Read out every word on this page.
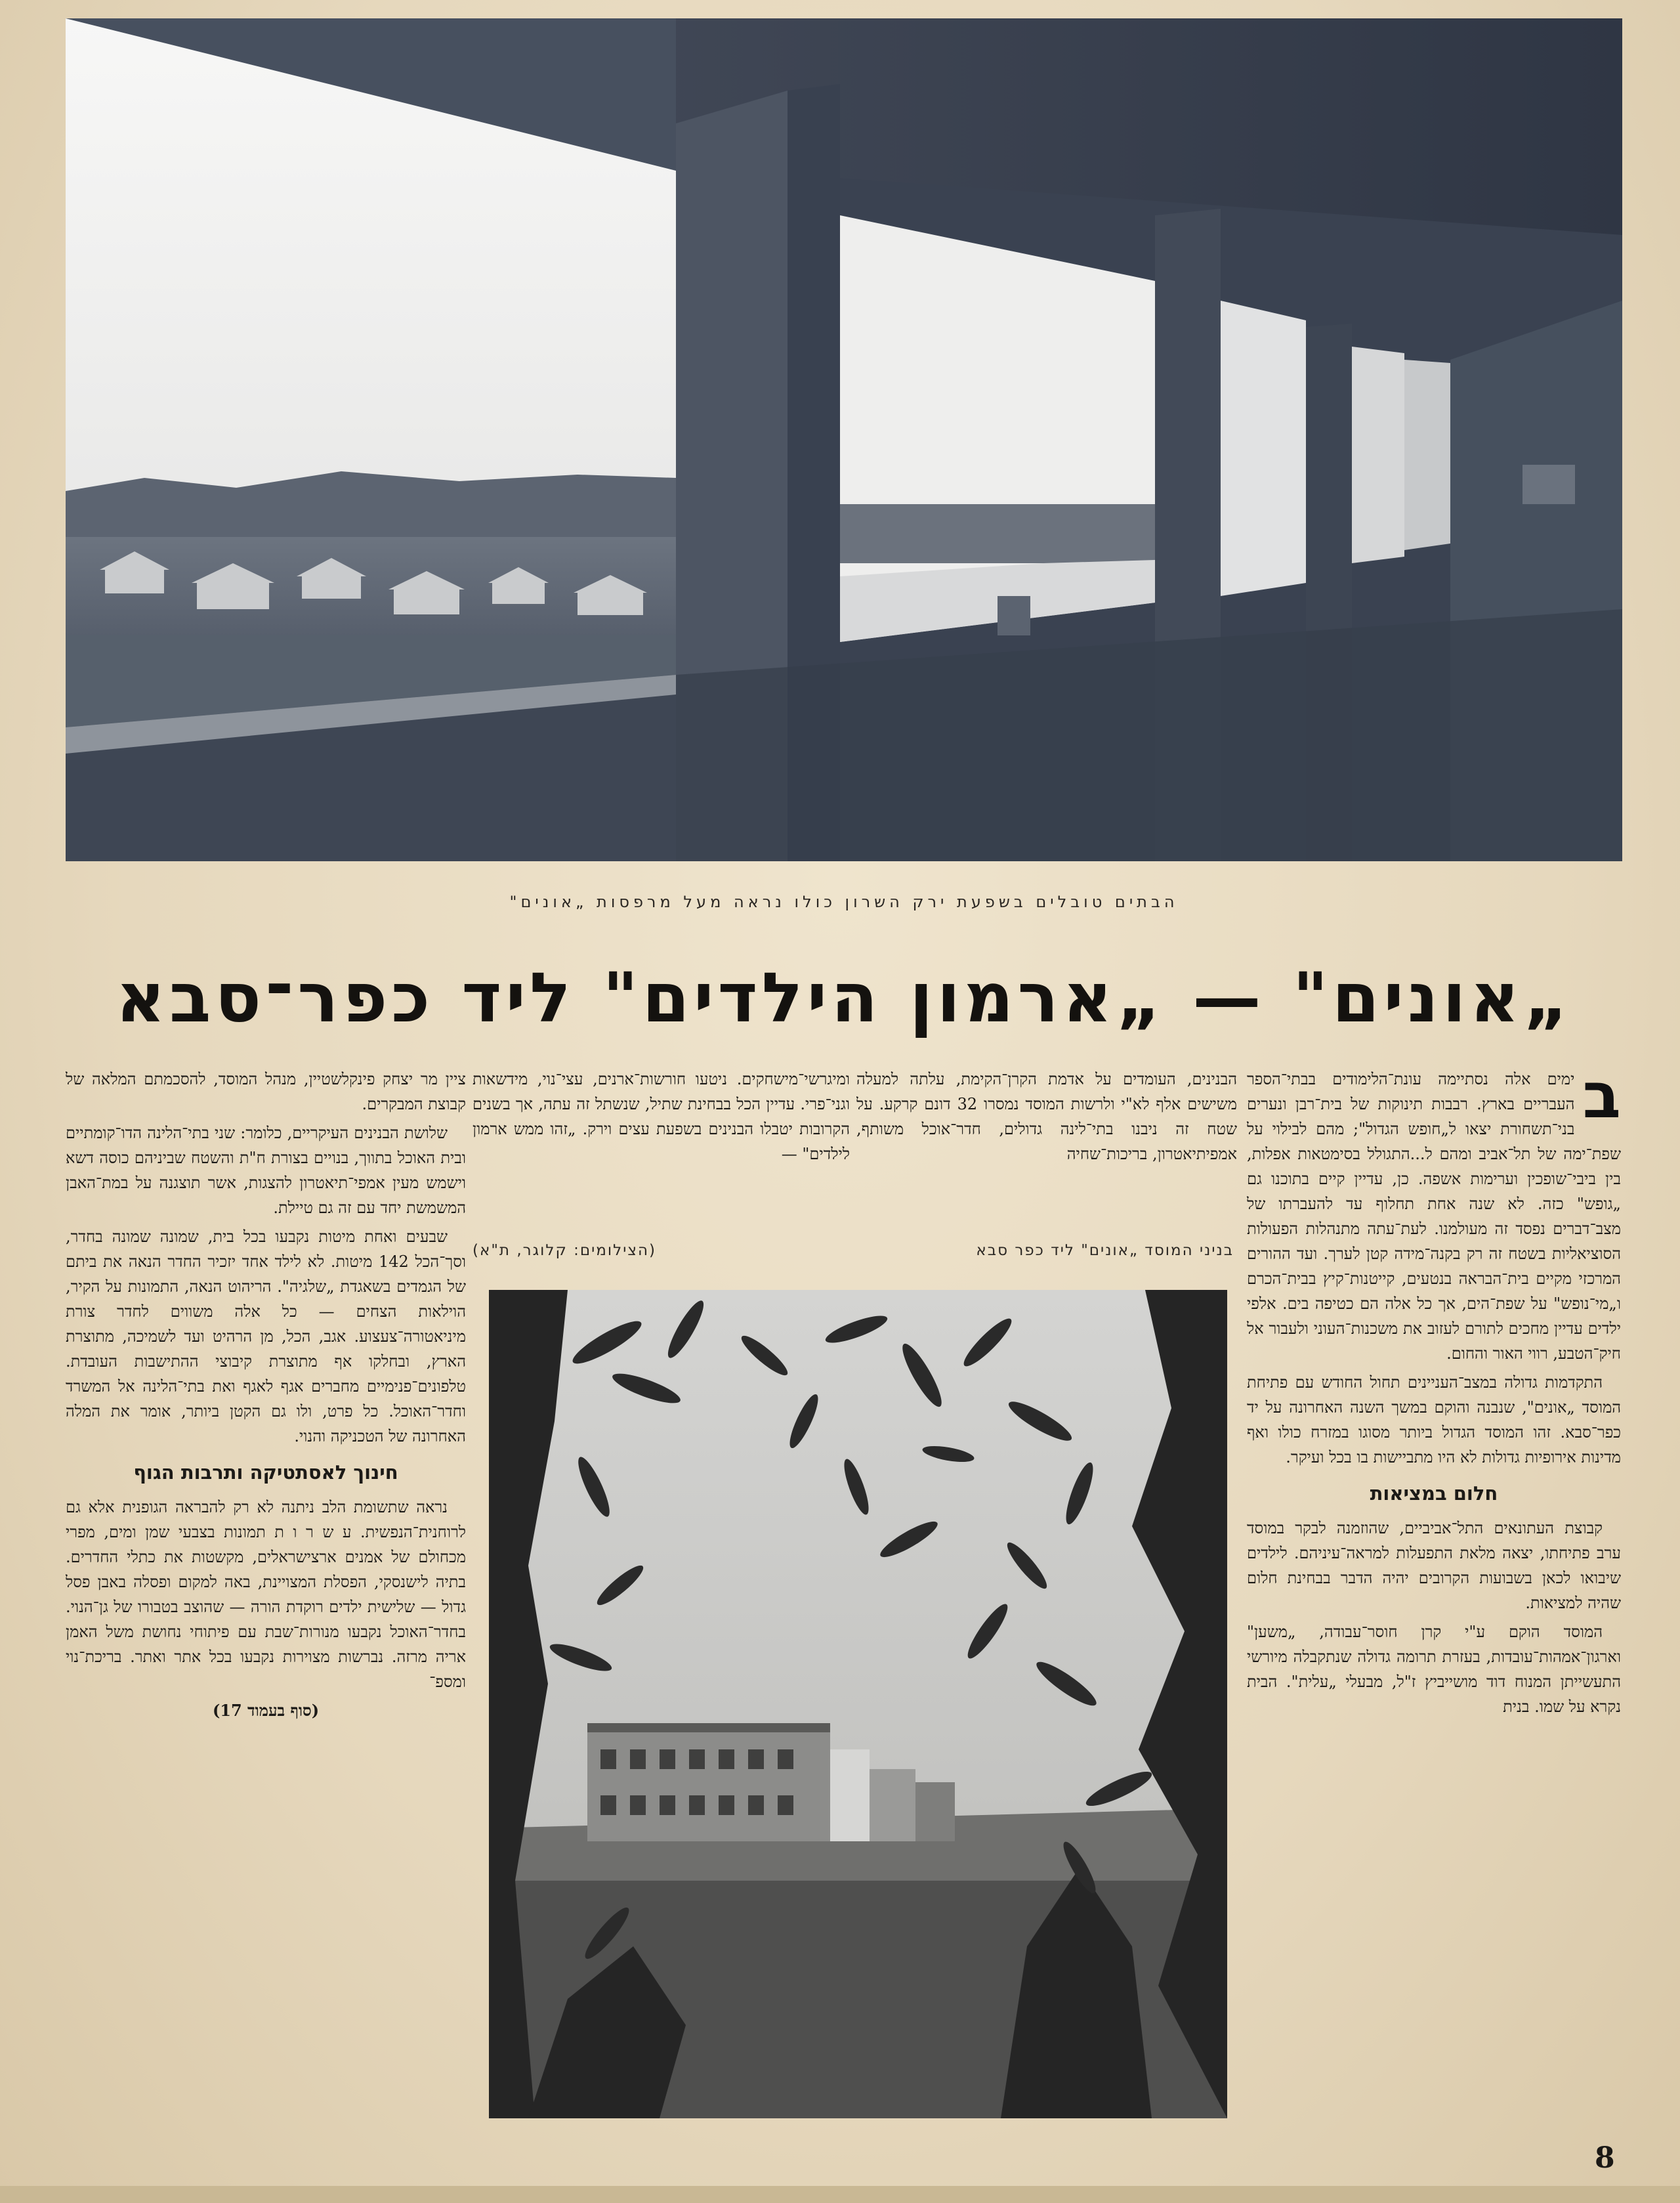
הבתים טובלים בשפעת ירק השרון כולו נראה מעל מרפסות „אונים"
„אונים" — „ארמון הילדים" ליד כפר־סבא
ב

ימים אלה נסתיימה עונת־הלימודים בבתי־הספר העבריים בארץ. רבבות תינוקות של בית־רבן ונערים בני־תשחורת יצאו ל„חופש הגדול"; מהם לבילוי על שפת־ימה של תל־אביב ומהם ל...התגולל בסימטאות אפלות, בין ביבי־שופכין וערימות אשפה. כן, עדיין קיים בתוכנו גם „גופש" כזה. לא שנה אחת תחלוף עד להעברתו של מצב־דברים נפסד זה מעולמנו. לעת־עתה מתנהלות הפעולות הסוציאליות בשטח זה רק בקנה־מידה קטן לערך. ועד ההורים המרכזי מקיים בית־הבראה בנטעים, קייטנות־קיץ בבית־הכרם ו„מי־נופש" על שפת־הים, אך כל אלה הם כטיפה בים. אלפי ילדים עדיין מחכים לתורם לעזוב את משכנות־העוני ולעבור אל חיק־הטבע, רווי האור והחום.

התקדמות גדולה במצב־העניינים תחול החודש עם פתיחת המוסד „אונים", שנבנה והוקם במשך השנה האחרונה על יד כפר־סבא. זהו המוסד הגדול ביותר מסוגו במזרח כולו ואף מדינות אירופיות גדולות לא היו מתביישות בו בכל ועיקר.

חלום במציאות

קבוצת העתונאים התל־אביביים, שהוזמנה לבקר במוסד ערב פתיחתו, יצאה מלאת התפעלות למראה־עיניהם. לילדים שיבואו לכאן בשבועות הקרובים יהיה הדבר בבחינת חלום שהיה למציאות.

המוסד הוקם ע"י קרן חוסר־עבודה, „משען" וארגון־אמהות־עובדות, בעזרת תרומה גדולה שנתקבלה מיורשי התעשייתן המנוח דוד מושייביץ ז"ל, מבעלי „עלית". הבית נקרא על שמו. בנית

הבנינים, העומדים על אדמת הקרן־הקימת, עלתה למעלה משישים אלף לא"י ולרשות המוסד נמסרו 32 דונם קרקע. על שטח זה ניבנו בתי־לינה גדולים, חדר־אוכל משותף, אמפיתיאטרון, בריכות־שחיה

ומיגרשי־מישחקים. ניטעו חורשות־ארנים, עצי־נוי, מידשאות וגני־פרי. עדיין הכל בבחינת שתיל, שנשתל זה עתה, אך בשנים הקרובות יטבלו הבנינים בשפעת עצים וירק. „זהו ממש ארמון לילדים" —

ציין מר יצחק פינקלשטיין, מנהל המוסד, להסכמתם המלאה של קבוצת המבקרים.

שלושת הבנינים העיקריים, כלומר: שני בתי־הלינה הדו־קומתיים ובית האוכל בתווך, בנויים בצורת ח"ת והשטח שביניהם כוסה דשא וישמש מעין אמפי־תיאטרון להצגות, אשר תוצגנה על במת־האבן המשמשת יחד עם זה גם טיילת.

שבעים ואחת מיטות נקבעו בכל בית, שמונה שמונה בחדר, וסך־הכל 142 מיטות. לא לילד אחד יזכיר החדר הנאה את ביתם של הגמדים בשאגדת „שלגיה". הריהוט הנאה, התמונות על הקיר, הוילאות הצחים — כל אלה משווים לחדר צורת מיניאטורה־צעצוע. אגב, הכל, מן הרהיט ועד לשמיכה, מתוצרת הארץ, ובחלקו אף מתוצרת קיבוצי ההתישבות העובדת. טלפונים־פנימיים מחברים אגף לאגף ואת בתי־הלינה אל המשרד וחדר־האוכל. כל פרט, ולו גם הקטן ביותר, אומר את המלה האחרונה של הטכניקה והנוי.

חינוך לאסתטיקה ותרבות הגוף

נראה שתשומת הלב ניתנה לא רק להבראה הגופנית אלא גם לרוחנית־הנפשית. ע ש ר ו ת תמונות בצבעי שמן ומים, מפרי מכחולם של אמנים ארצישראלים, מקשטות את כתלי החדרים. בתיה לישנסקי, הפסלת המצויינת, באה למקום ופסלה באבן פסל גדול — שלישית ילדים רוקדת הורה — שהוצב בטבורו של גן־הנוי. בחדר־האוכל נקבעו מנורות־שבת עם פיתוחי נחושת משל האמן אריה מרזה. נברשות מצוירות נקבעו בכל אתר ואתר. בריכת־נוי ומספ־

(סוף בעמוד 17)

בניני המוסד „אונים" ליד כפר סבא
(הצילומים: קלוגר, ת"א)
8
